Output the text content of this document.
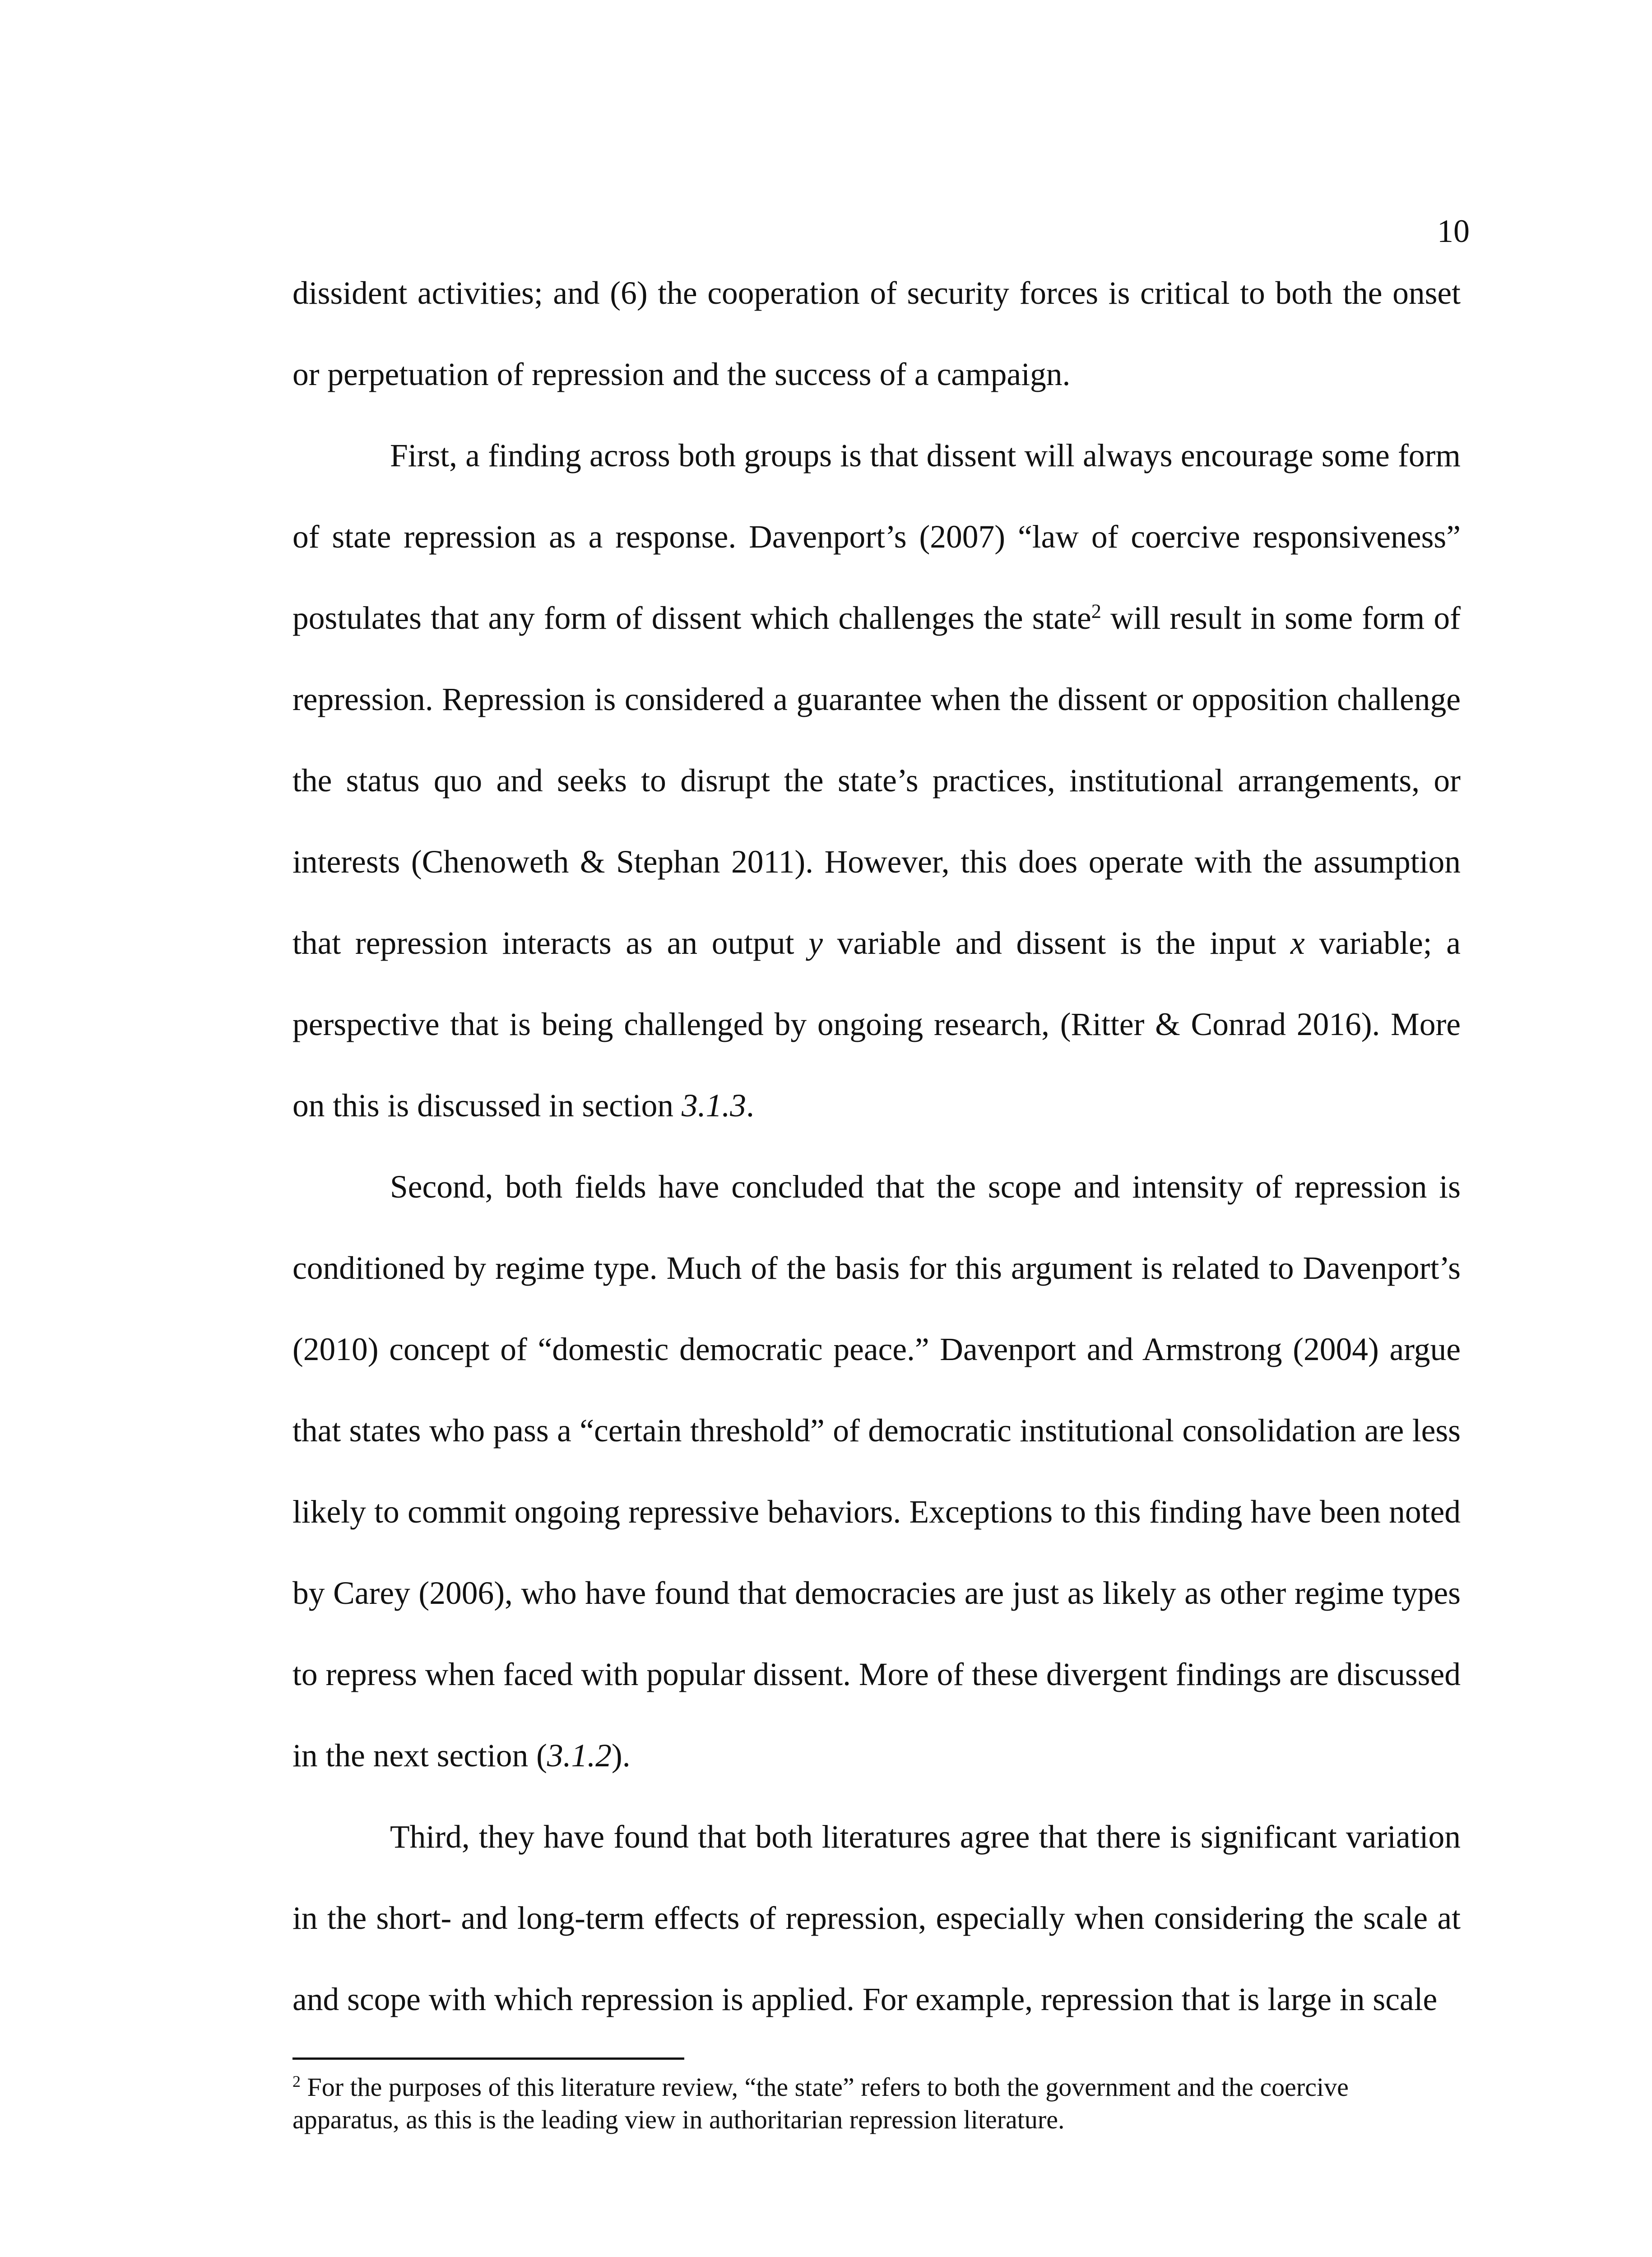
10

dissident activities; and (6) the cooperation of security forces is critical to both the onset or perpetuation of repression and the success of a campaign.

First, a finding across both groups is that dissent will always encourage some form of state repression as a response. Davenport’s (2007) “law of coercive responsiveness” postulates that any form of dissent which challenges the state$^2$ will result in some form of repression. Repression is considered a guarantee when the dissent or opposition challenge the status quo and seeks to disrupt the state’s practices, institutional arrangements, or interests (Chenoweth & Stephan 2011). However, this does operate with the assumption that repression interacts as an output y variable and dissent is the input x variable; a perspective that is being challenged by ongoing research, (Ritter & Conrad 2016). More on this is discussed in section 3.1.3.

Second, both fields have concluded that the scope and intensity of repression is conditioned by regime type. Much of the basis for this argument is related to Davenport’s (2010) concept of “domestic democratic peace.” Davenport and Armstrong (2004) argue that states who pass a “certain threshold” of democratic institutional consolidation are less likely to commit ongoing repressive behaviors. Exceptions to this finding have been noted by Carey (2006), who have found that democracies are just as likely as other regime types to repress when faced with popular dissent. More of these divergent findings are discussed in the next section (3.1.2).

Third, they have found that both literatures agree that there is significant variation in the short- and long-term effects of repression, especially when considering the scale at and scope with which repression is applied. For example, repression that is large in scale

$^2$ For the purposes of this literature review, “the state” refers to both the government and the coercive apparatus, as this is the leading view in authoritarian repression literature.
